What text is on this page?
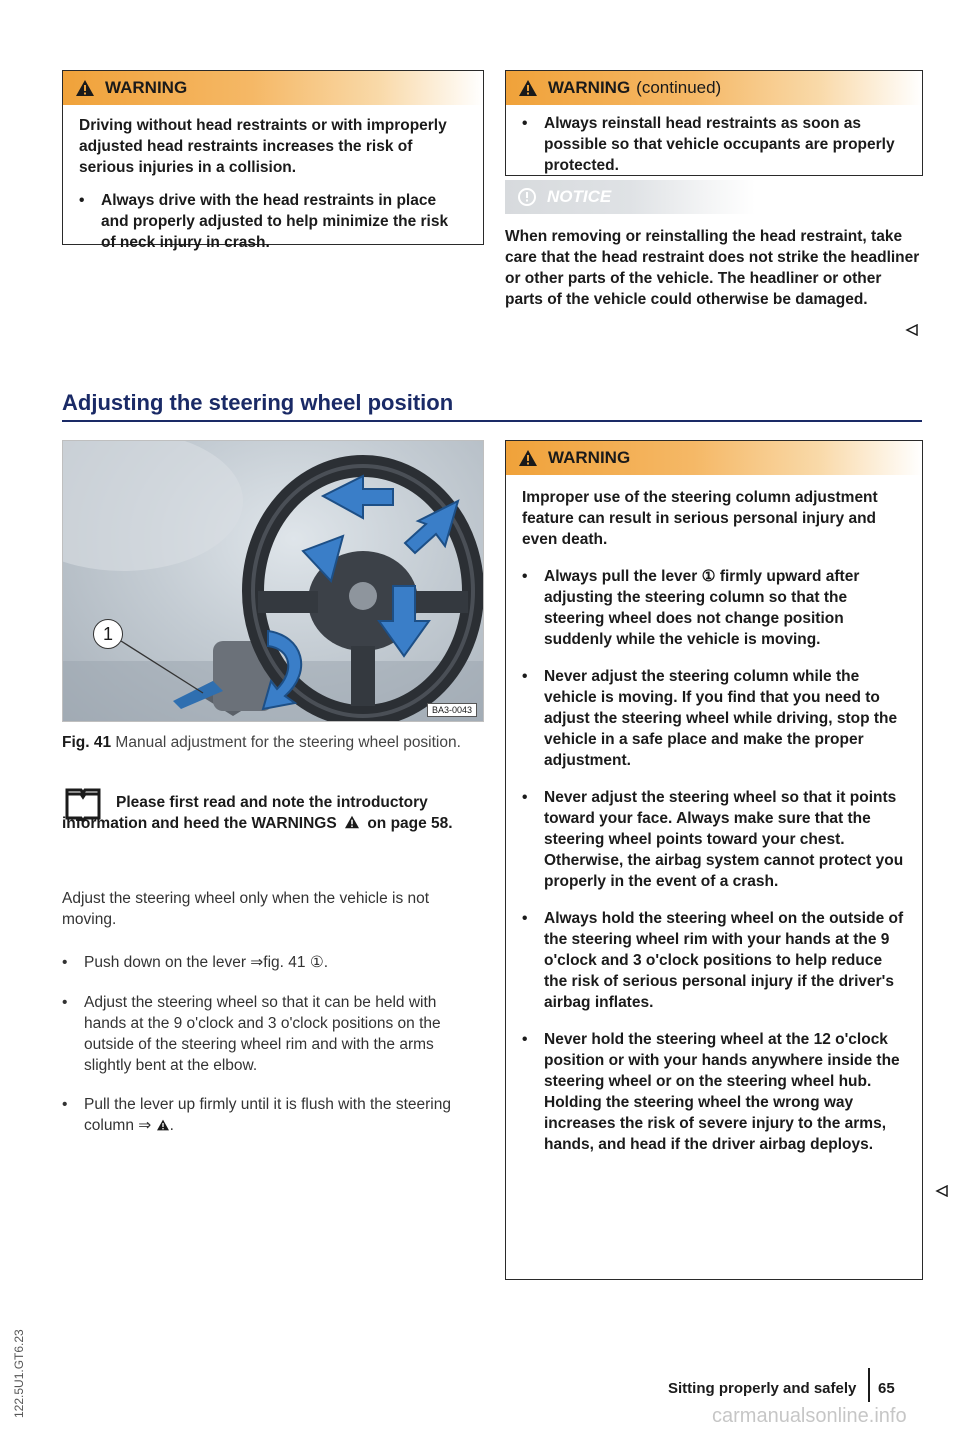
WARNING

Driving without head restraints or with improperly adjusted head restraints increases the risk of serious injuries in a collision.

• Always drive with the head restraints in place and properly adjusted to help minimize the risk of neck injury in crash.
Adjusting the steering wheel position
1
BA3-0043
Fig. 41 Manual adjustment for the steering wheel position.
Please first read and note the introductory information and heed the WARNINGS on page 58.
Adjust the steering wheel only when the vehicle is not moving.
• Push down on the lever ⇒fig. 41 ①.
• Adjust the steering wheel so that it can be held with hands at the 9 o'clock and 3 o'clock positions on the outside of the steering wheel rim and with the arms slightly bent at the elbow.
• Pull the lever up firmly until it is flush with the steering column ⇒ .
WARNING (continued)
• Always reinstall head restraints as soon as possible so that vehicle occupants are properly protected.
NOTICE
When removing or reinstalling the head restraint, take care that the head restraint does not strike the headliner or other parts of the vehicle. The headliner or other parts of the vehicle could otherwise be damaged.
WARNING

Improper use of the steering column adjustment feature can result in serious personal injury and even death.

• Always pull the lever ① firmly upward after adjusting the steering column so that the steering wheel does not change position suddenly while the vehicle is moving.
• Never adjust the steering column while the vehicle is moving. If you find that you need to adjust the steering wheel while driving, stop the vehicle in a safe place and make the proper adjustment.
• Never adjust the steering wheel so that it points toward your face. Always make sure that the steering wheel points toward your chest. Otherwise, the airbag system cannot protect you properly in the event of a crash.
• Always hold the steering wheel on the outside of the steering wheel rim with your hands at the 9 o'clock and 3 o'clock positions to help reduce the risk of serious personal injury if the driver's airbag inflates.
• Never hold the steering wheel at the 12 o'clock position or with your hands anywhere inside the steering wheel or on the steering wheel hub. Holding the steering wheel the wrong way increases the risk of severe injury to the arms, hands, and head if the driver airbag deploys.
Sitting properly and safely 65
122.5U1.GT6.23	carmanualsonline.info
